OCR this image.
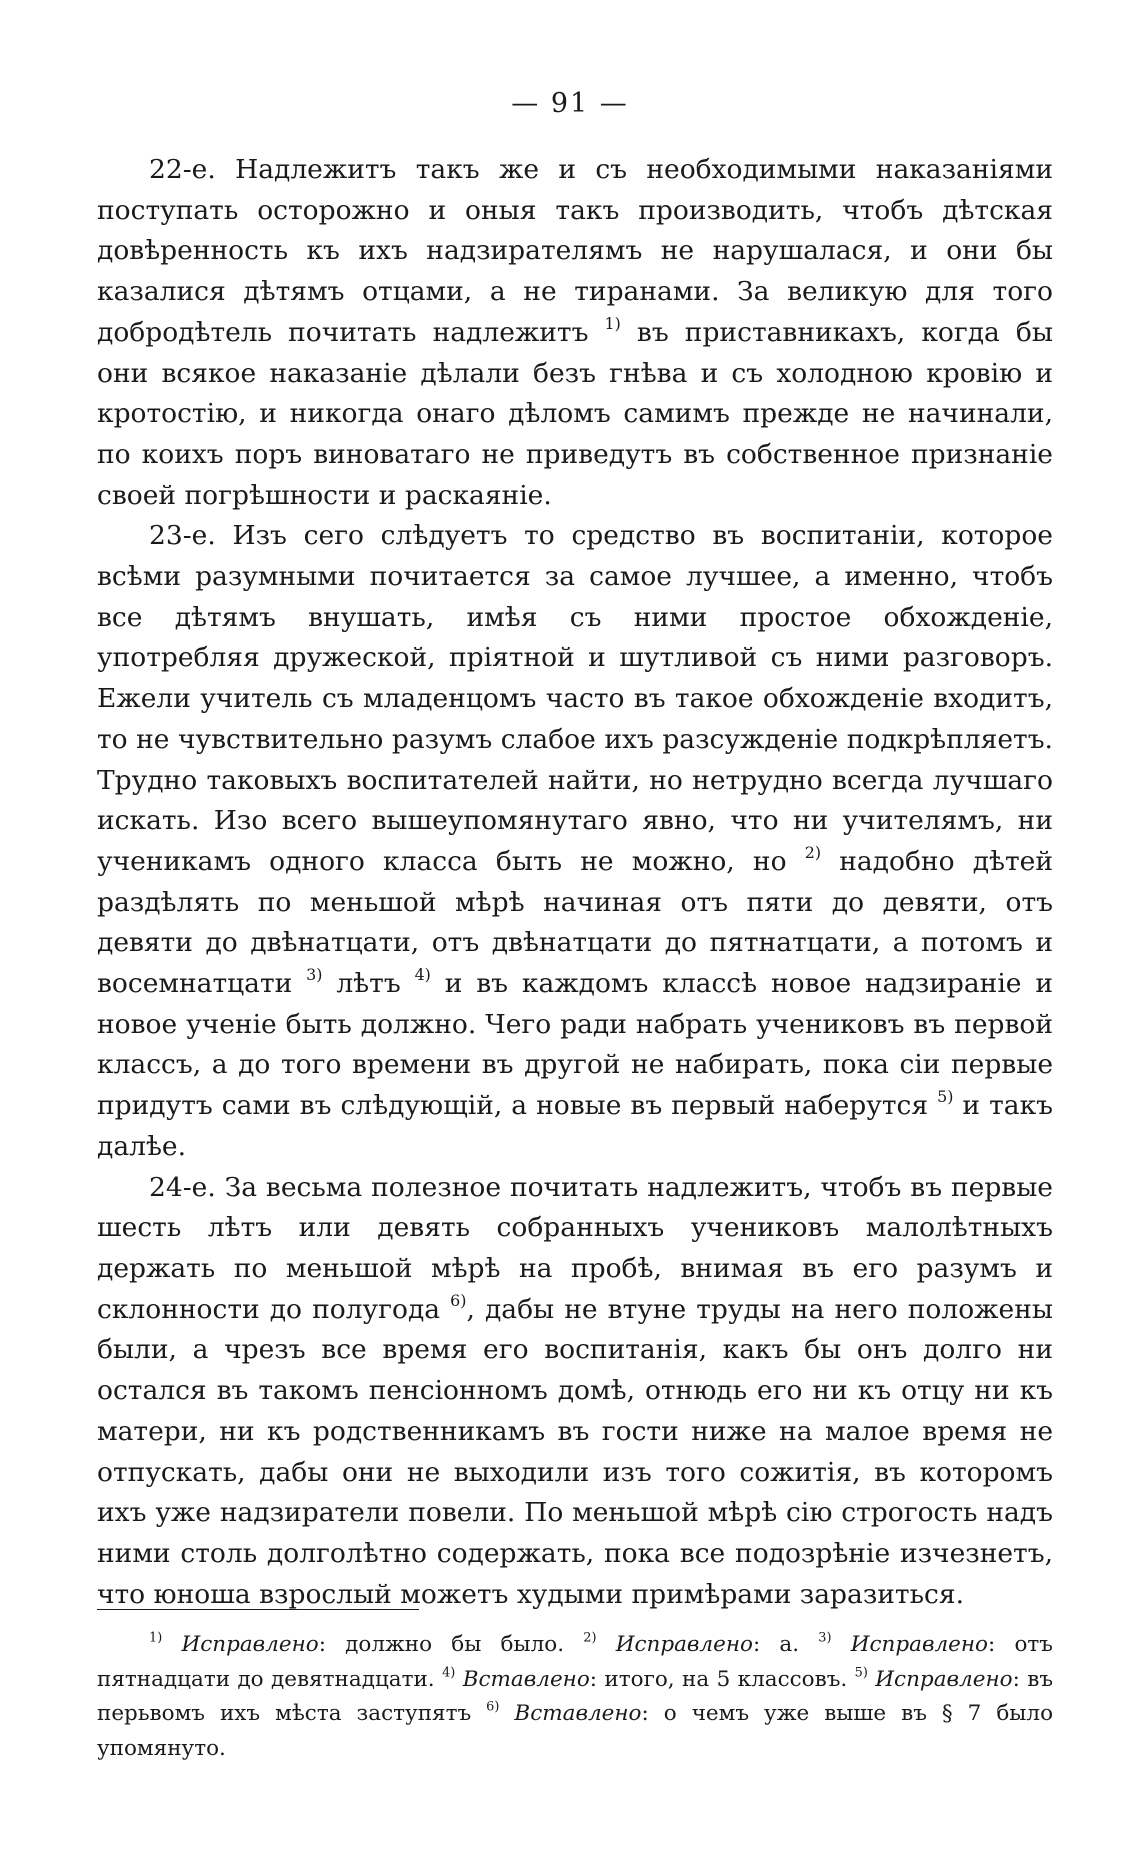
— 91 —

22-е. Надлежитъ такъ же и съ необходимыми наказаніями поступать осторожно и оныя такъ производить, чтобъ дѣтская довѣренность къ ихъ надзирателямъ не нарушалася, и они бы казалися дѣтямъ отцами, а не тиранами. За великую для того добродѣтель почитать надлежитъ $^{1)}$ въ приставникахъ, когда бы они всякое наказаніе дѣлали безъ гнѣва и съ холодною кровію и кротостію, и никогда онаго дѣломъ самимъ прежде не начинали, по коихъ поръ виноватаго не приведутъ въ собственное признаніе своей погрѣшности и раскаяніе.

23-е. Изъ сего слѣдуетъ то средство въ воспитаніи, которое всѣми разумными почитается за самое лучшее, а именно, чтобъ все дѣтямъ внушать, имѣя съ ними простое обхожденіе, употребляя дружеской, пріятной и шутливой съ ними разговоръ. Ежели учитель съ младенцомъ часто въ такое обхожденіе входитъ, то не чувствительно разумъ слабое ихъ разсужденіе подкрѣпляетъ. Трудно таковыхъ воспитателей найти, но нетрудно всегда лучшаго искать. Изо всего вышеупомянутаго явно, что ни учителямъ, ни ученикамъ одного класса быть не можно, но $^{2)}$ надобно дѣтей раздѣлять по меньшой мѣрѣ начиная отъ пяти до девяти, отъ девяти до двѣнатцати, отъ двѣнатцати до пятнатцати, а потомъ и восемнатцати $^{3)}$ лѣтъ $^{4)}$ и въ каждомъ классѣ новое надзираніе и новое ученіе быть должно. Чего ради набрать учениковъ въ первой классъ, а до того времени въ другой не набирать, пока сіи первые придутъ сами въ слѣдующій, а новые въ первый наберутся $^{5)}$ и такъ далѣе.

24-е. За весьма полезное почитать надлежитъ, чтобъ въ первые шесть лѣтъ или девять собранныхъ учениковъ малолѣтныхъ держать по меньшой мѣрѣ на пробѣ, внимая въ его разумъ и склонности до полугода $^{6)}$, дабы не втуне труды на него положены были, а чрезъ все время его воспитанія, какъ бы онъ долго ни остался въ такомъ пенсіонномъ домѣ, отнюдь его ни къ отцу ни къ матери, ни къ родственникамъ въ гости ниже на малое время не отпускать, дабы они не выходили изъ того сожитія, въ которомъ ихъ уже надзиратели повели. По меньшой мѣрѣ сію строгость надъ ними столь долголѣтно содержать, пока все подозрѣніе изчезнетъ, что юноша взрослый можетъ худыми примѣрами заразиться.

$^{1)}$ Исправлено: должно бы было. $^{2)}$ Исправлено: а. $^{3)}$ Исправлено: отъ пятнадцати до девятнадцати. $^{4)}$ Вставлено: итого, на 5 классовъ. $^{5)}$ Исправлено: въ перьвомъ ихъ мѣста заступятъ $^{6)}$ Вставлено: о чемъ уже выше въ § 7 было упомянуто.
